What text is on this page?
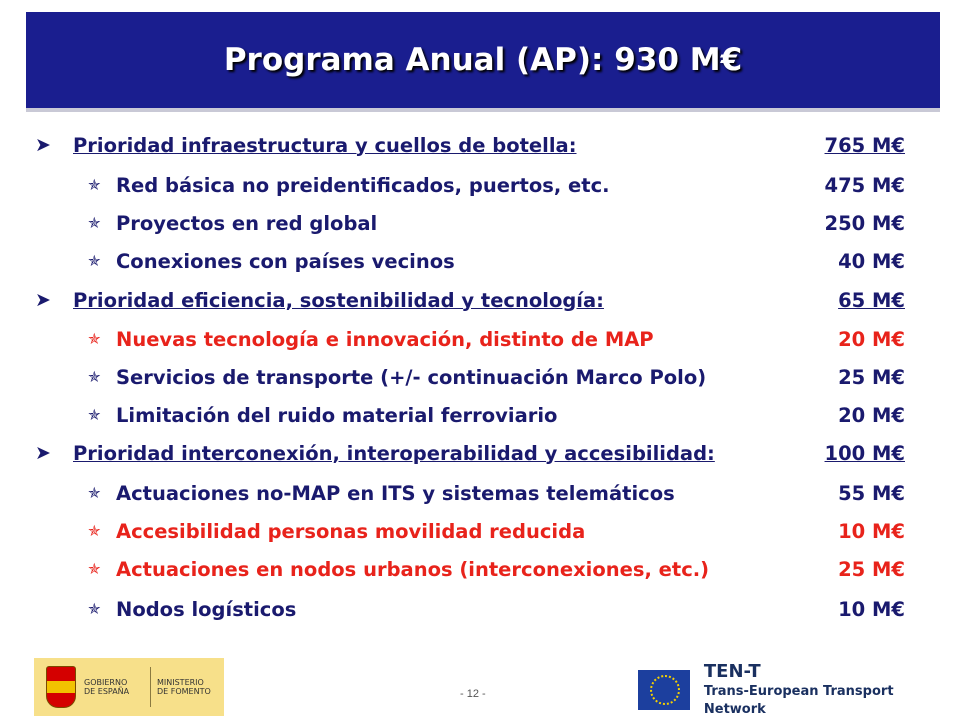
Programa Anual (AP): 930 M€
➤	Prioridad infraestructura y cuellos de botella:	765 M€
✯ Red básica no preidentificados, puertos, etc.	475 M€
✯ Proyectos en red global	250 M€
✯ Conexiones con países vecinos	40 M€
➤	Prioridad eficiencia, sostenibilidad y tecnología:	65 M€
✯ Nuevas tecnología e innovación, distinto de MAP	20 M€
✯ Servicios de transporte (+/- continuación Marco Polo)	25 M€
✯ Limitación del ruido material ferroviario	20 M€
➤	Prioridad interconexión, interoperabilidad y accesibilidad:	100 M€
✯ Actuaciones no-MAP en ITS y sistemas telemáticos	55 M€
✯ Accesibilidad personas movilidad reducida	10 M€
✯ Actuaciones en nodos urbanos (interconexiones, etc.)	25 M€
✯ Nodos logísticos	10 M€
GOBIERNO
DE ESPAÑA
MINISTERIO
DE FOMENTO	- 12 -
TEN-T
Trans-European Transport Network
